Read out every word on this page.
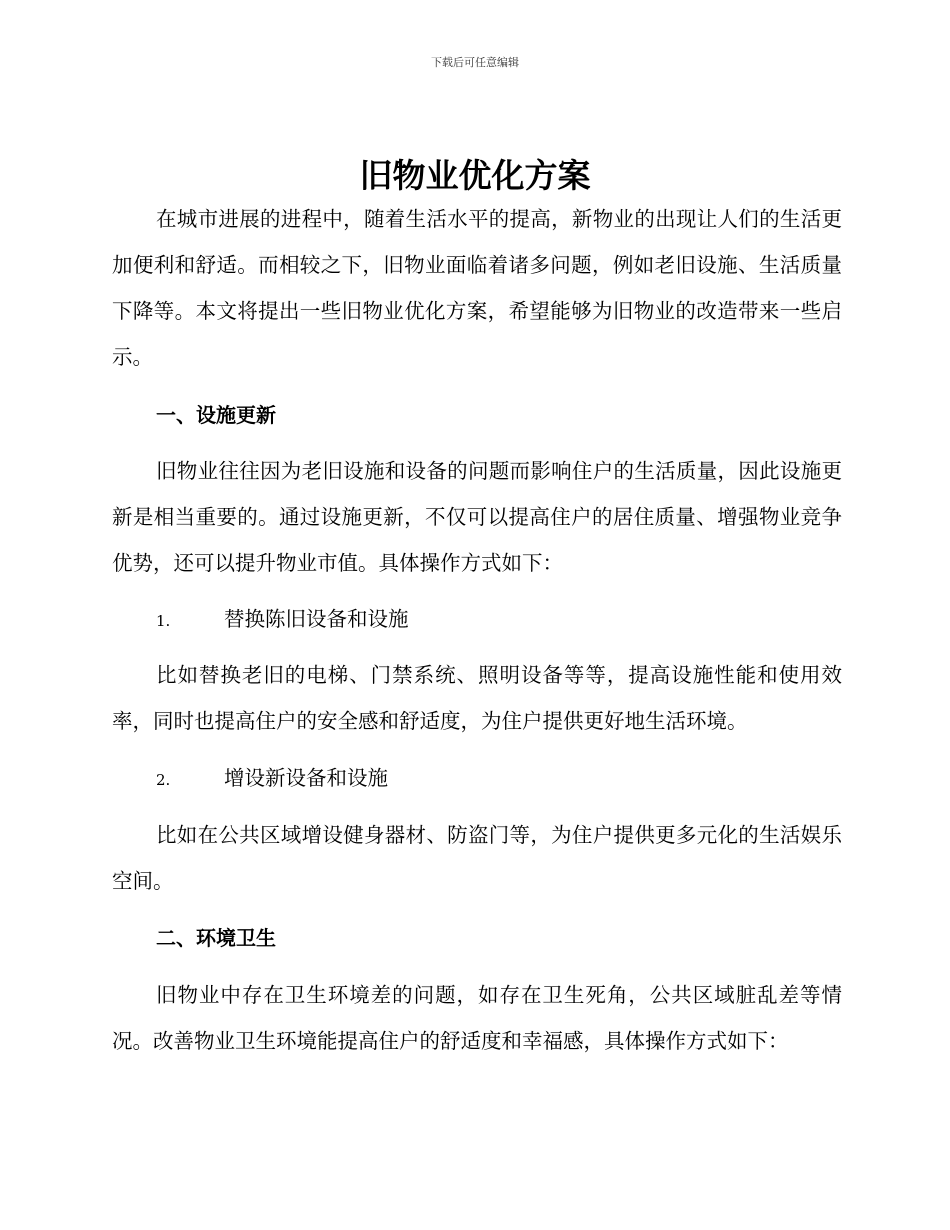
下载后可任意编辑
旧物业优化方案
在城市进展的进程中，随着生活水平的提高，新物业的出现让人们的生活更加便利和舒适。而相较之下，旧物业面临着诸多问题，例如老旧设施、生活质量下降等。本文将提出一些旧物业优化方案，希望能够为旧物业的改造带来一些启示。
一、设施更新
旧物业往往因为老旧设施和设备的问题而影响住户的生活质量，因此设施更新是相当重要的。通过设施更新，不仅可以提高住户的居住质量、增强物业竞争优势，还可以提升物业市值。具体操作方式如下：
1.	替换陈旧设备和设施
比如替换老旧的电梯、门禁系统、照明设备等等，提高设施性能和使用效率，同时也提高住户的安全感和舒适度，为住户提供更好地生活环境。
2.	增设新设备和设施
比如在公共区域增设健身器材、防盗门等，为住户提供更多元化的生活娱乐空间。
二、环境卫生
旧物业中存在卫生环境差的问题，如存在卫生死角，公共区域脏乱差等情况。改善物业卫生环境能提高住户的舒适度和幸福感，具体操作方式如下：
